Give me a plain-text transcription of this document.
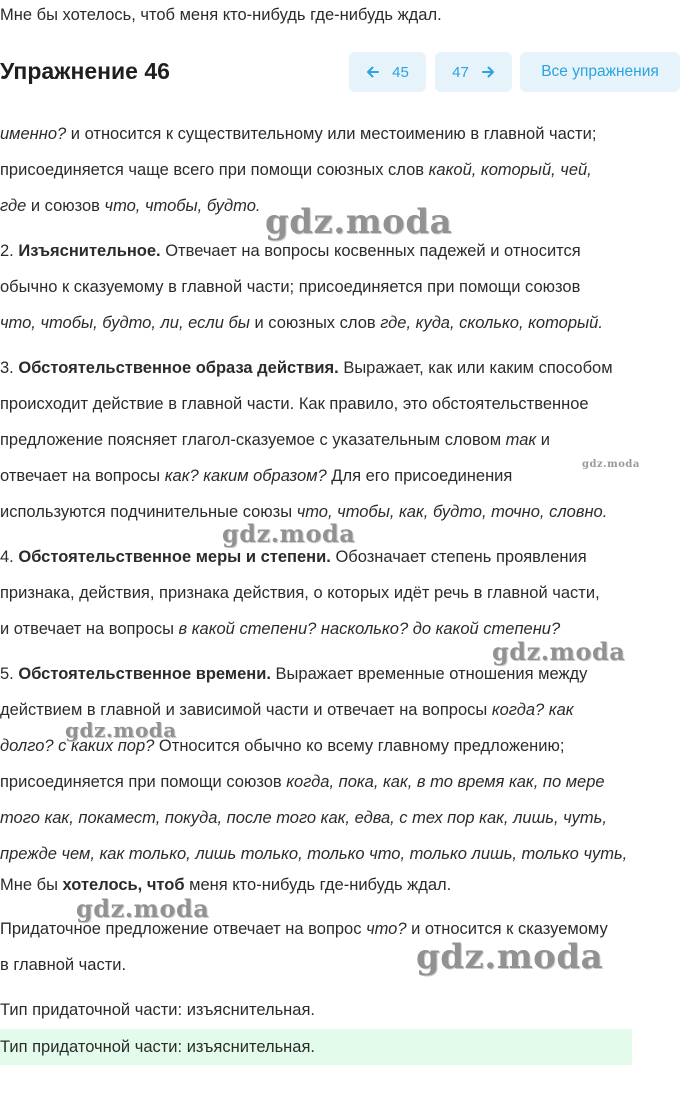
Мне бы хотелось, чтоб меня кто-нибудь где-нибудь ждал.
Упражнение 46	45	47	Все упражнения

именно? и относится к существительному или местоимению в главной части;
присоединяется чаще всего при помощи союзных слов какой, который, чей,
где и союзов что, чтобы, будто.
2. Изъяснительное. Отвечает на вопросы косвенных падежей и относится
обычно к сказуемому в главной части; присоединяется при помощи союзов
что, чтобы, будто, ли, если бы и союзных слов где, куда, сколько, который.
3. Обстоятельственное образа действия. Выражает, как или каким способом
происходит действие в главной части. Как правило, это обстоятельственное
предложение поясняет глагол-сказуемое с указательным словом так и
отвечает на вопросы как? каким образом? Для его присоединения
используются подчинительные союзы что, чтобы, как, будто, точно, словно.
4. Обстоятельственное меры и степени. Обозначает степень проявления
признака, действия, признака действия, о которых идёт речь в главной части,
и отвечает на вопросы в какой степени? насколько? до какой степени?
5. Обстоятельственное времени. Выражает временные отношения между
действием в главной и зависимой части и отвечает на вопросы когда? как
долго? с каких пор? Относится обычно ко всему главному предложению;
присоединяется при помощи союзов когда, пока, как, в то время как, по мере
того как, покамест, покуда, после того как, едва, с тех пор как, лишь, чуть,
прежде чем, как только, лишь только, только что, только лишь, только чуть,
Мне бы хотелось, чтоб меня кто-нибудь где-нибудь ждал.
Придаточное предложение отвечает на вопрос что? и относится к сказуемому
в главной части.
Тип придаточной части: изъяснительная.
Тип придаточной части: изъяснительная.
gdz.moda
gdz.moda
gdz.moda
gdz.moda
gdz.moda
gdz.moda
gdz.moda
